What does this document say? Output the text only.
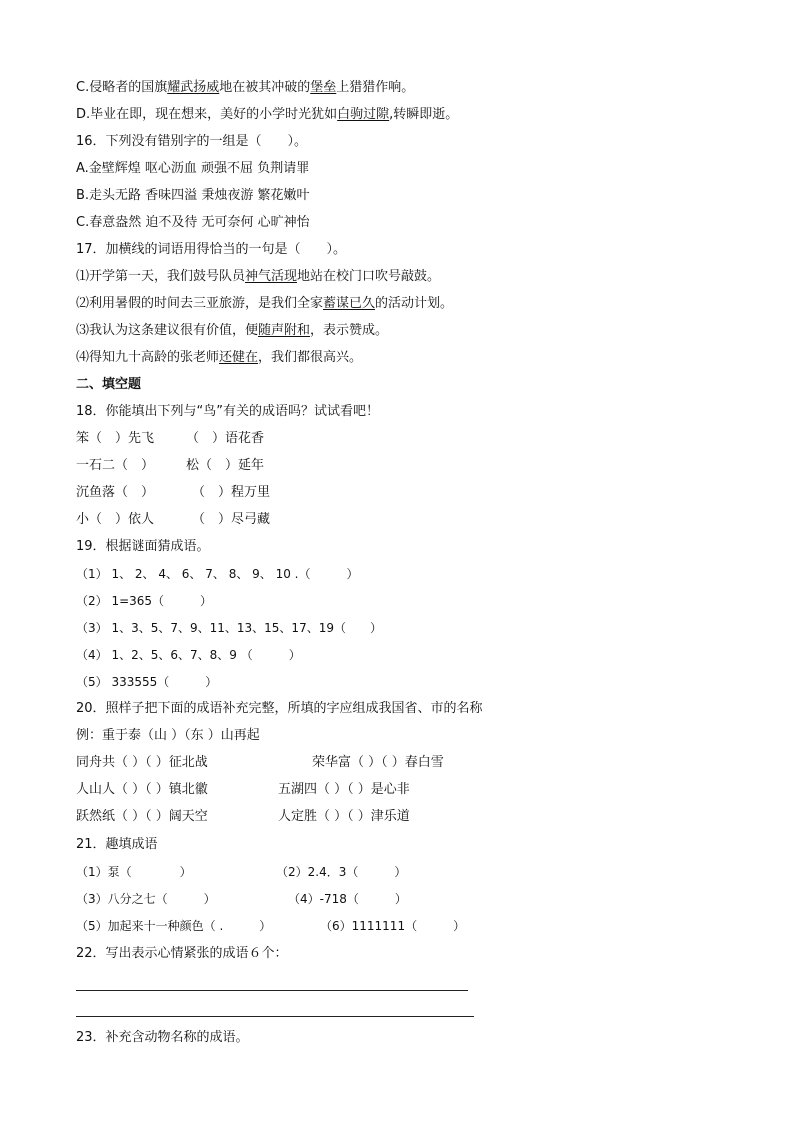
C.侵略者的国旗耀武扬威地在被其冲破的堡垒上猎猎作响。
D.毕业在即，现在想来，美好的小学时光犹如白驹过隙,转瞬即逝。
16．下列没有错别字的一组是（　　）。
A.金壁辉煌 呕心沥血 顽强不屈 负荆请罪
B.走头无路 香味四溢 秉烛夜游 繁花嫩叶
C.春意盎然 迫不及待 无可奈何 心旷神怡
17．加横线的词语用得恰当的一句是（　　）。
⑴开学第一天，我们鼓号队员神气活现地站在校门口吹号敲鼓。
⑵利用暑假的时间去三亚旅游，是我们全家蓄谋已久的活动计划。
⑶我认为这条建议很有价值，便随声附和，表示赞成。
⑷得知九十高龄的张老师还健在，我们都很高兴。
二、填空题
18．你能填出下列与“鸟”有关的成语吗？试试看吧！
笨（　）先飞 （　）语花香
一石二（　） 松（　）延年
沉鱼落（　）	（　）程万里
小（　）依人	（　）尽弓藏
19．根据谜面猜成语。
（1） 1、 2、 4、 6、 7、 8、 9、 10 .（　　　）
（2） 1=365（　　　）
（3） 1、3、5、7、9、11、13、15、17、19（　　）
（4） 1、2、5、6、7、8、9 （　　　）
（5） 333555（　　　）
20．照样子把下面的成语补充完整，所填的字应组成我国省、市的名称
例：重于泰（山 ）（东 ）山再起
同舟共（ ）（ ）征北战	荣华富（ ）（ ）春白雪
人山人（ ）（ ）镇北徽	五湖四（ ）（ ）是心非
跃然纸（ ）（ ）阔天空	人定胜（ ）（ ）津乐道
21．趣填成语
（1）泵（　　　　）	（2）2.4．3（　　　）
（3）八分之七（　　　）	（4）-718（　　　）
（5）加起来十一种颜色（ .　　　）	（6）1111111（　　　）
22．写出表示心情紧张的成语６个：
23．补充含动物名称的成语。
